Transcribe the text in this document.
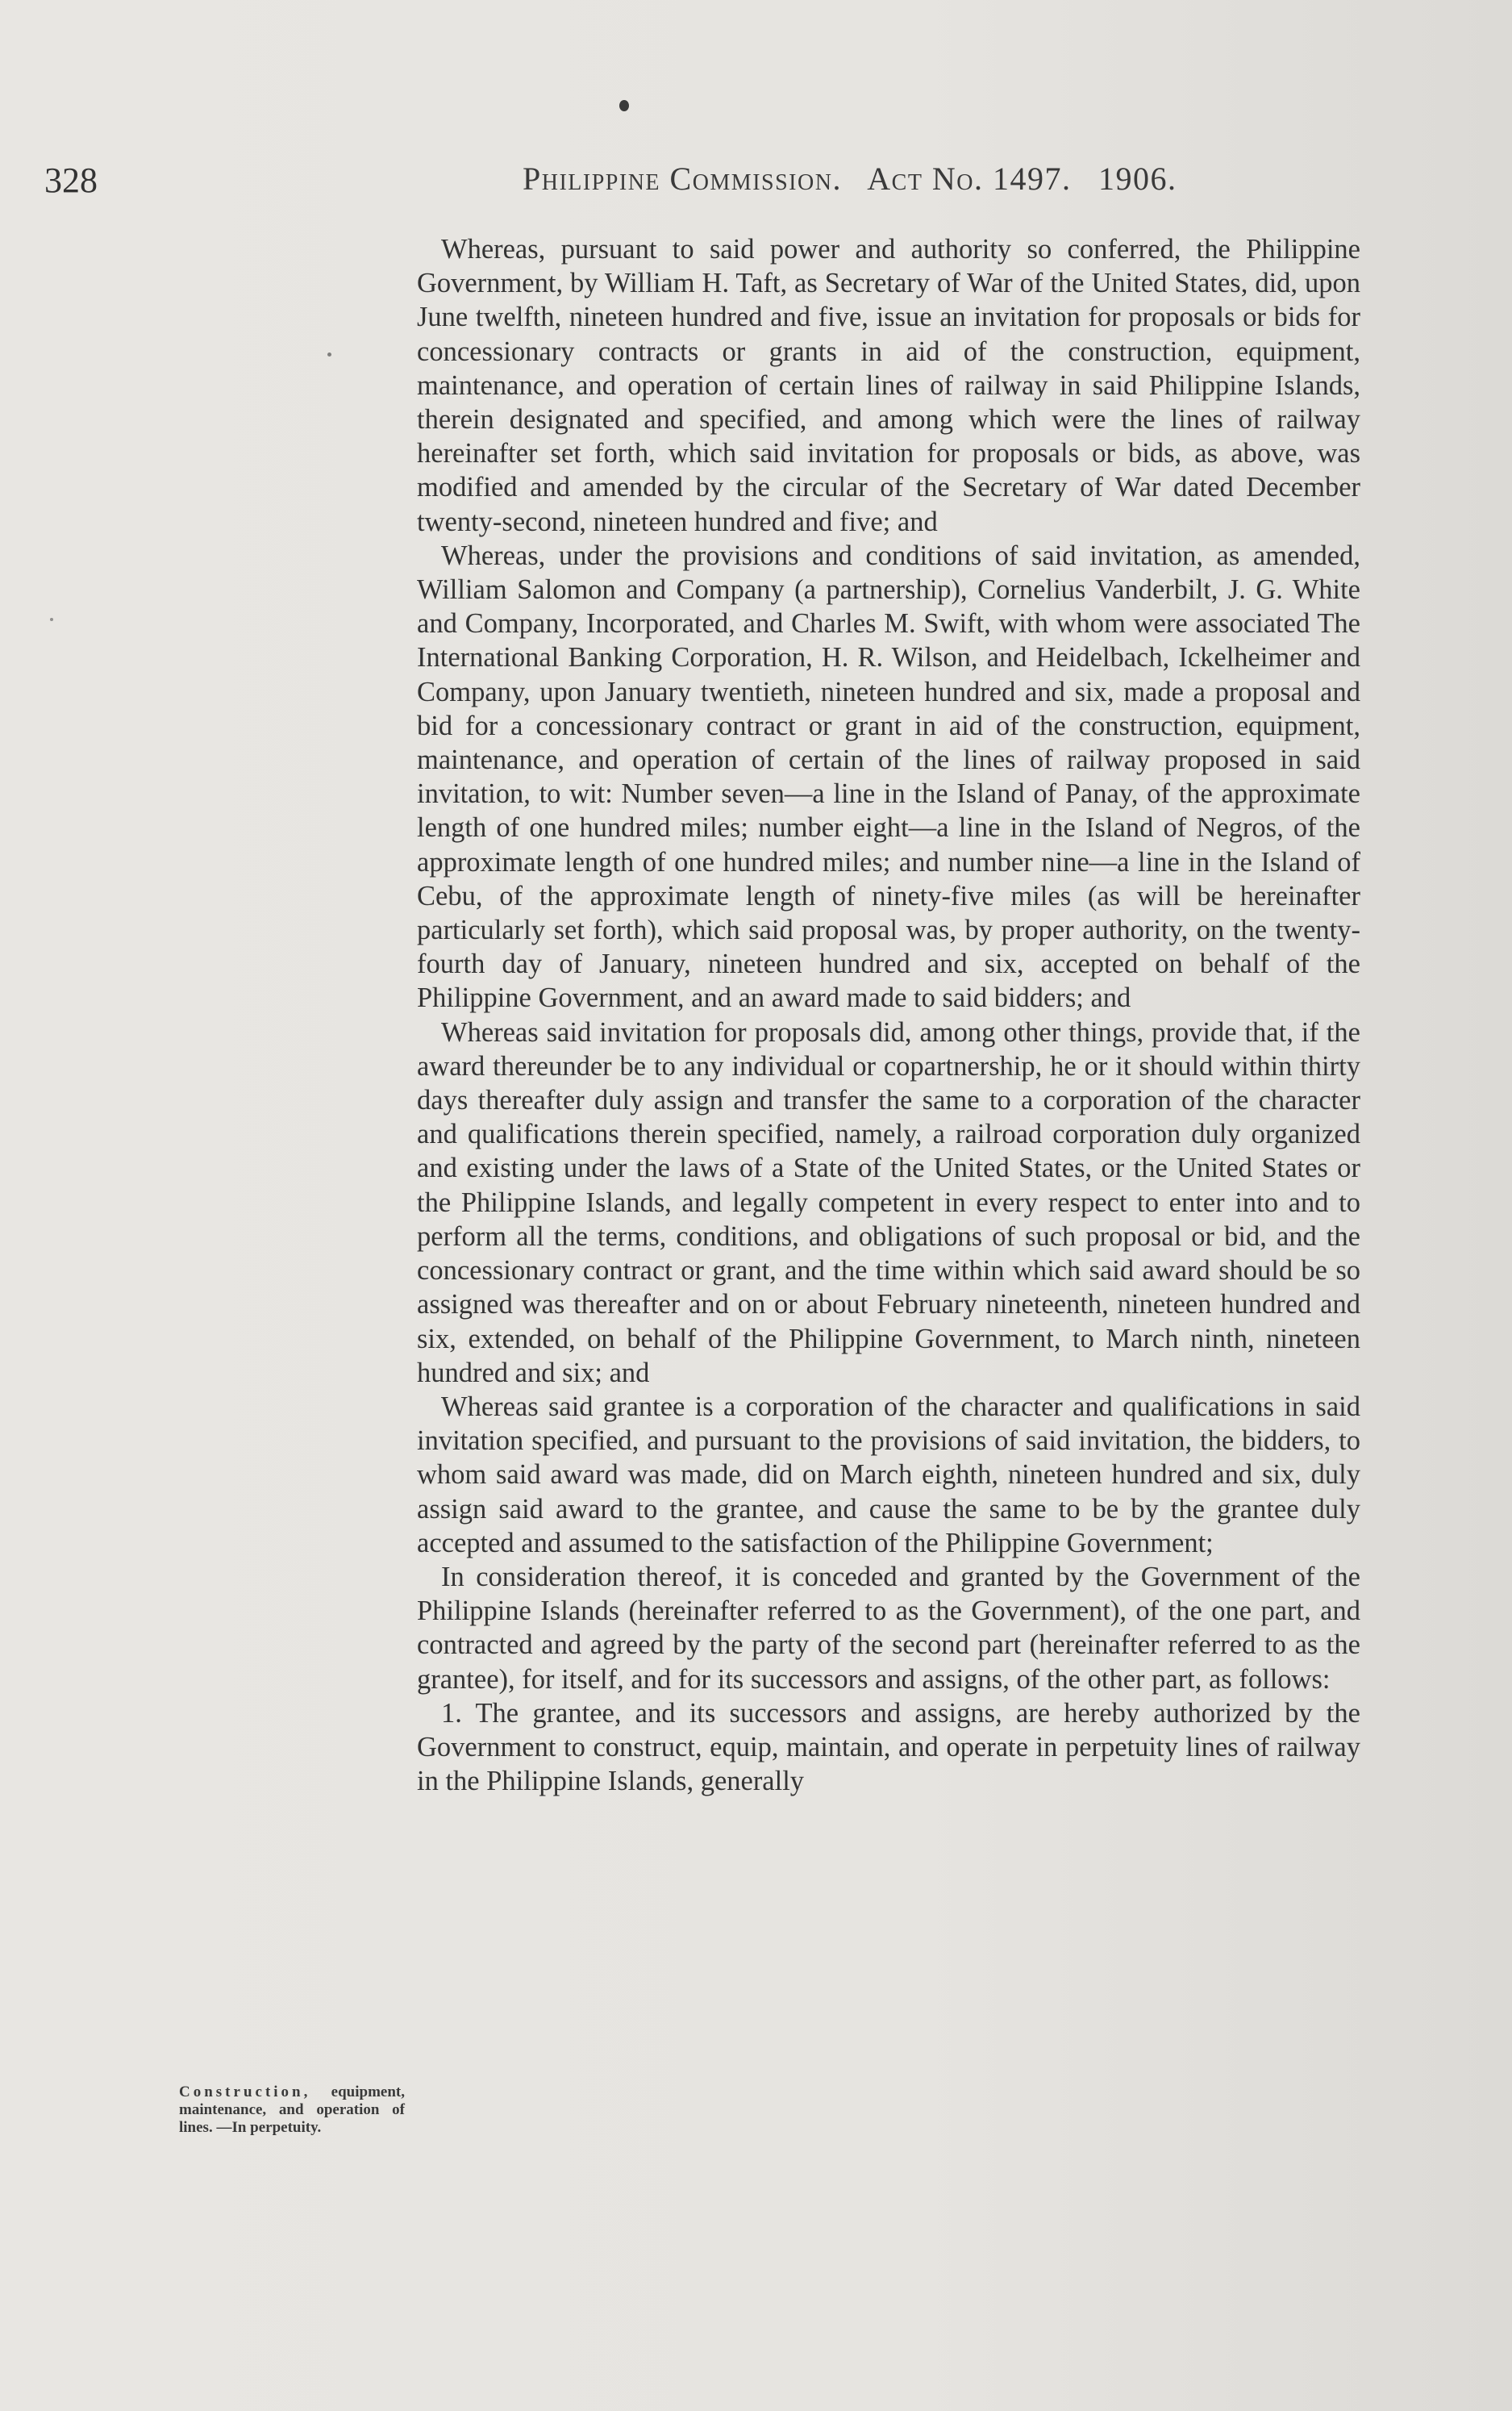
328	Philippine Commission. Act No. 1497. 1906.

Whereas, pursuant to said power and authority so conferred, the Philippine Government, by William H. Taft, as Secretary of War of the United States, did, upon June twelfth, nineteen hundred and five, issue an invitation for proposals or bids for concessionary contracts or grants in aid of the construction, equipment, maintenance, and operation of certain lines of railway in said Philippine Islands, therein designated and specified, and among which were the lines of railway hereinafter set forth, which said invitation for proposals or bids, as above, was modified and amended by the circular of the Secretary of War dated December twenty-second, nineteen hundred and five; and

Whereas, under the provisions and conditions of said invitation, as amended, William Salomon and Company (a partnership), Cornelius Vanderbilt, J. G. White and Company, Incorporated, and Charles M. Swift, with whom were associated The International Banking Corporation, H. R. Wilson, and Heidelbach, Ickelheimer and Company, upon January twentieth, nineteen hundred and six, made a proposal and bid for a concessionary contract or grant in aid of the construction, equipment, maintenance, and operation of certain of the lines of railway proposed in said invitation, to wit: Number seven—a line in the Island of Panay, of the approximate length of one hundred miles; number eight—a line in the Island of Negros, of the approximate length of one hundred miles; and number nine—a line in the Island of Cebu, of the approximate length of ninety-five miles (as will be hereinafter particularly set forth), which said proposal was, by proper authority, on the twenty-fourth day of January, nineteen hundred and six, accepted on behalf of the Philippine Government, and an award made to said bidders; and

Whereas said invitation for proposals did, among other things, provide that, if the award thereunder be to any individual or copartnership, he or it should within thirty days thereafter duly assign and transfer the same to a corporation of the character and qualifications therein specified, namely, a railroad corporation duly organized and existing under the laws of a State of the United States, or the United States or the Philippine Islands, and legally competent in every respect to enter into and to perform all the terms, conditions, and obligations of such proposal or bid, and the concessionary contract or grant, and the time within which said award should be so assigned was thereafter and on or about February nineteenth, nineteen hundred and six, extended, on behalf of the Philippine Government, to March ninth, nineteen hundred and six; and

Whereas said grantee is a corporation of the character and qualifications in said invitation specified, and pursuant to the provisions of said invitation, the bidders, to whom said award was made, did on March eighth, nineteen hundred and six, duly assign said award to the grantee, and cause the same to be by the grantee duly accepted and assumed to the satisfaction of the Philippine Government;

In consideration thereof, it is conceded and granted by the Government of the Philippine Islands (hereinafter referred to as the Government), of the one part, and contracted and agreed by the party of the second part (hereinafter referred to as the grantee), for itself, and for its successors and assigns, of the other part, as follows:

1. The grantee, and its successors and assigns, are hereby authorized by the Government to construct, equip, maintain, and operate in perpetuity lines of railway in the Philippine Islands, generally

Construction, equipment, maintenance, and operation of lines. —In perpetuity.
